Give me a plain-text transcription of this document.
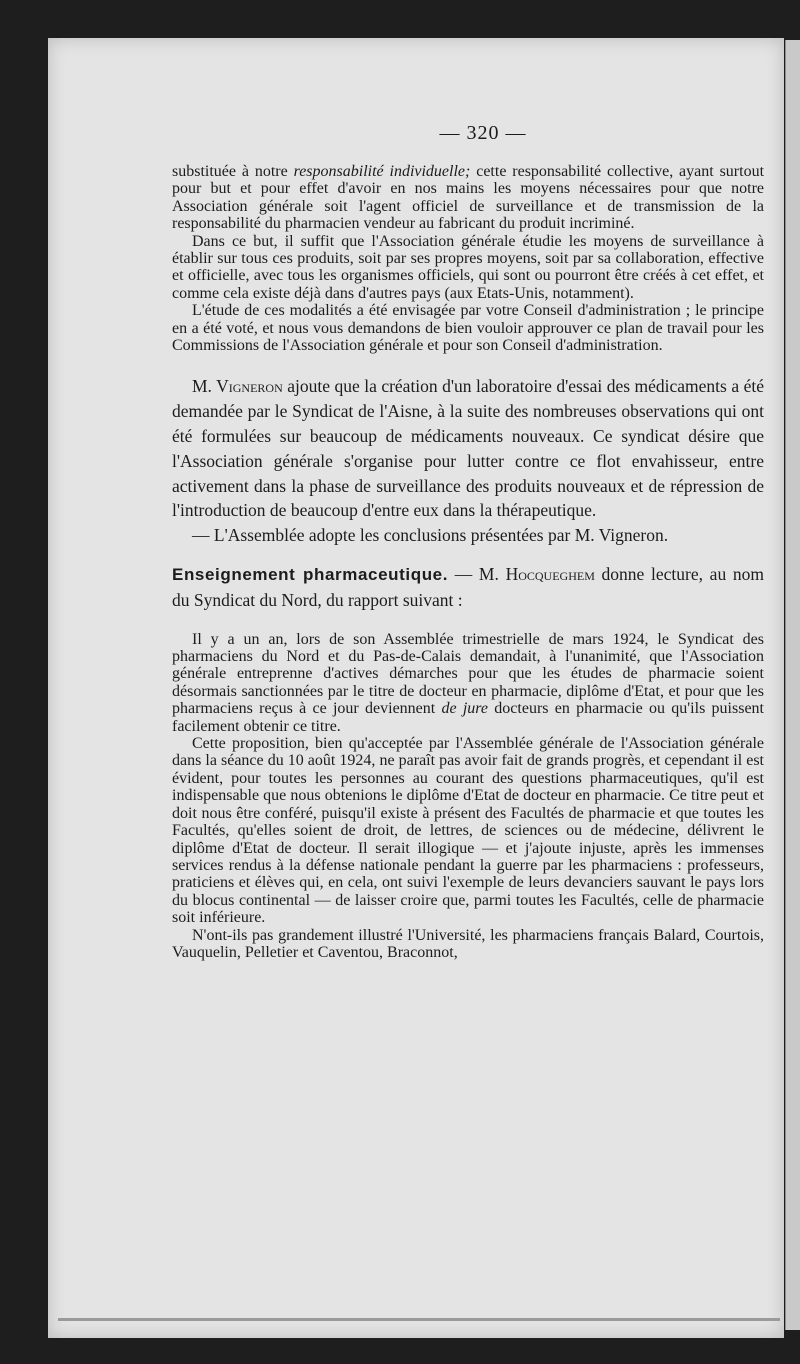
— 320 —

substituée à notre responsabilité individuelle; cette responsabilité collective, ayant surtout pour but et pour effet d'avoir en nos mains les moyens nécessaires pour que notre Association générale soit l'agent officiel de surveillance et de transmission de la responsabilité du pharmacien vendeur au fabricant du produit incriminé.

Dans ce but, il suffit que l'Association générale étudie les moyens de surveillance à établir sur tous ces produits, soit par ses propres moyens, soit par sa collaboration, effective et officielle, avec tous les organismes officiels, qui sont ou pourront être créés à cet effet, et comme cela existe déjà dans d'autres pays (aux Etats-Unis, notamment).

L'étude de ces modalités a été envisagée par votre Conseil d'administration ; le principe en a été voté, et nous vous demandons de bien vouloir approuver ce plan de travail pour les Commissions de l'Association générale et pour son Conseil d'administration.

M. Vigneron ajoute que la création d'un laboratoire d'essai des médicaments a été demandée par le Syndicat de l'Aisne, à la suite des nombreuses observations qui ont été formulées sur beaucoup de médicaments nouveaux. Ce syndicat désire que l'Association générale s'organise pour lutter contre ce flot envahisseur, entre activement dans la phase de surveillance des produits nouveaux et de répression de l'introduction de beaucoup d'entre eux dans la thérapeutique.

— L'Assemblée adopte les conclusions présentées par M. Vigneron.

Enseignement pharmaceutique. — M. Hocqueghem donne lecture, au nom du Syndicat du Nord, du rapport suivant :

Il y a un an, lors de son Assemblée trimestrielle de mars 1924, le Syndicat des pharmaciens du Nord et du Pas-de-Calais demandait, à l'unanimité, que l'Association générale entreprenne d'actives démarches pour que les études de pharmacie soient désormais sanctionnées par le titre de docteur en pharmacie, diplôme d'Etat, et pour que les pharmaciens reçus à ce jour deviennent de jure docteurs en pharmacie ou qu'ils puissent facilement obtenir ce titre.

Cette proposition, bien qu'acceptée par l'Assemblée générale de l'Association générale dans la séance du 10 août 1924, ne paraît pas avoir fait de grands progrès, et cependant il est évident, pour toutes les personnes au courant des questions pharmaceutiques, qu'il est indispensable que nous obtenions le diplôme d'Etat de docteur en pharmacie. Ce titre peut et doit nous être conféré, puisqu'il existe à présent des Facultés de pharmacie et que toutes les Facultés, qu'elles soient de droit, de lettres, de sciences ou de médecine, délivrent le diplôme d'Etat de docteur. Il serait illogique — et j'ajoute injuste, après les immenses services rendus à la défense nationale pendant la guerre par les pharmaciens : professeurs, praticiens et élèves qui, en cela, ont suivi l'exemple de leurs devanciers sauvant le pays lors du blocus continental — de laisser croire que, parmi toutes les Facultés, celle de pharmacie soit inférieure.

N'ont-ils pas grandement illustré l'Université, les pharmaciens français Balard, Courtois, Vauquelin, Pelletier et Caventou, Braconnot,
